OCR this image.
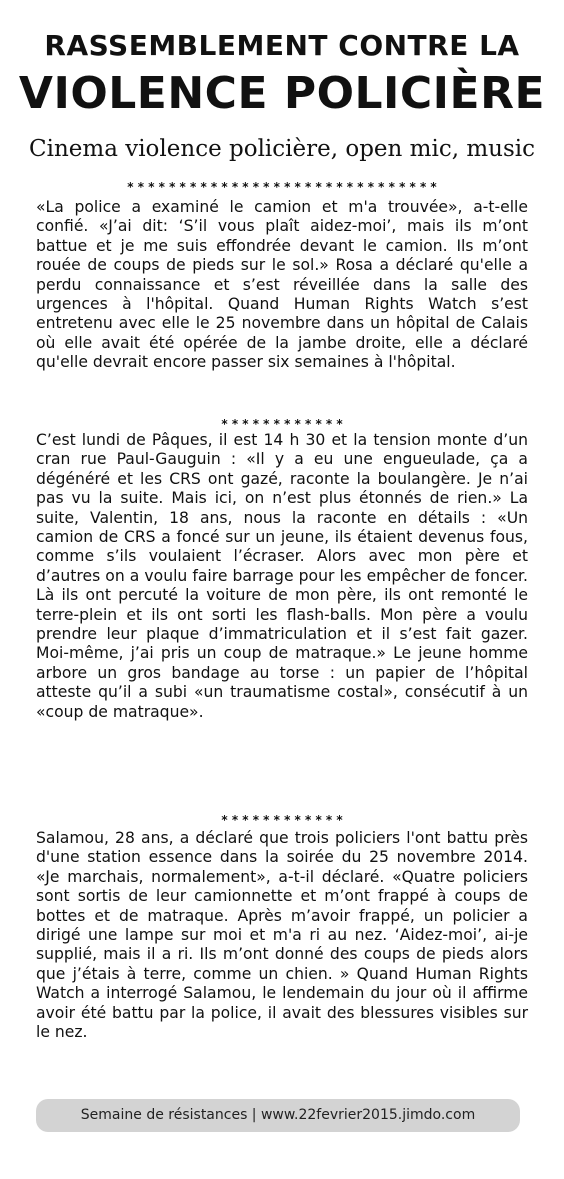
RASSEMBLEMENT CONTRE LA
VIOLENCE POLICIÈRE
Cinema violence policière, open mic, music
* * * * * * * * * * * * * * * * * * * * * * * * * * * * * *

«La police a examiné le camion et m'a trouvée», a-t-elle confié. «J’ai dit: ‘S’il vous plaît aidez-moi’, mais ils m’ont battue et je me suis effondrée devant le camion. Ils m’ont rouée de coups de pieds sur le sol.» Rosa a déclaré qu'elle a perdu connaissance et s’est réveillée dans la salle des urgences à l'hôpital. Quand Human Rights Watch s’est entretenu avec elle le 25 novembre dans un hôpital de Calais où elle avait été opérée de la jambe droite, elle a déclaré qu'elle devrait encore passer six semaines à l'hôpital.

* * * * * * * * * * * *

C’est lundi de Pâques, il est 14 h 30 et la tension monte d’un cran rue Paul-Gauguin : «Il y a eu une engueulade, ça a dégénéré et les CRS ont gazé, raconte la boulangère. Je n’ai pas vu la suite. Mais ici, on n’est plus étonnés de rien.» La suite, Valentin, 18 ans, nous la raconte en détails : «Un camion de CRS a foncé sur un jeune, ils étaient devenus fous, comme s’ils voulaient l’écraser. Alors avec mon père et d’autres on a voulu faire barrage pour les empêcher de foncer. Là ils ont percuté la voiture de mon père, ils ont remonté le terre-plein et ils ont sorti les flash-balls. Mon père a voulu prendre leur plaque d’immatriculation et il s’est fait gazer. Moi-même, j’ai pris un coup de matraque.» Le jeune homme arbore un gros bandage au torse : un papier de l’hôpital atteste qu’il a subi «un traumatisme costal», consécutif à un «coup de matraque».

* * * * * * * * * * * *

Salamou, 28 ans, a déclaré que trois policiers l'ont battu près d'une station essence dans la soirée du 25 novembre 2014. «Je marchais, normalement», a-t-il déclaré. «Quatre policiers sont sortis de leur camionnette et m’ont frappé à coups de bottes et de matraque. Après m’avoir frappé, un policier a dirigé une lampe sur moi et m'a ri au nez. ‘Aidez-moi’, ai-je supplié, mais il a ri. Ils m’ont donné des coups de pieds alors que j’étais à terre, comme un chien. » Quand Human Rights Watch a interrogé Salamou, le lendemain du jour où il affirme avoir été battu par la police, il avait des blessures visibles sur le nez.

Semaine de résistances | www.22fevrier2015.jimdo.com
